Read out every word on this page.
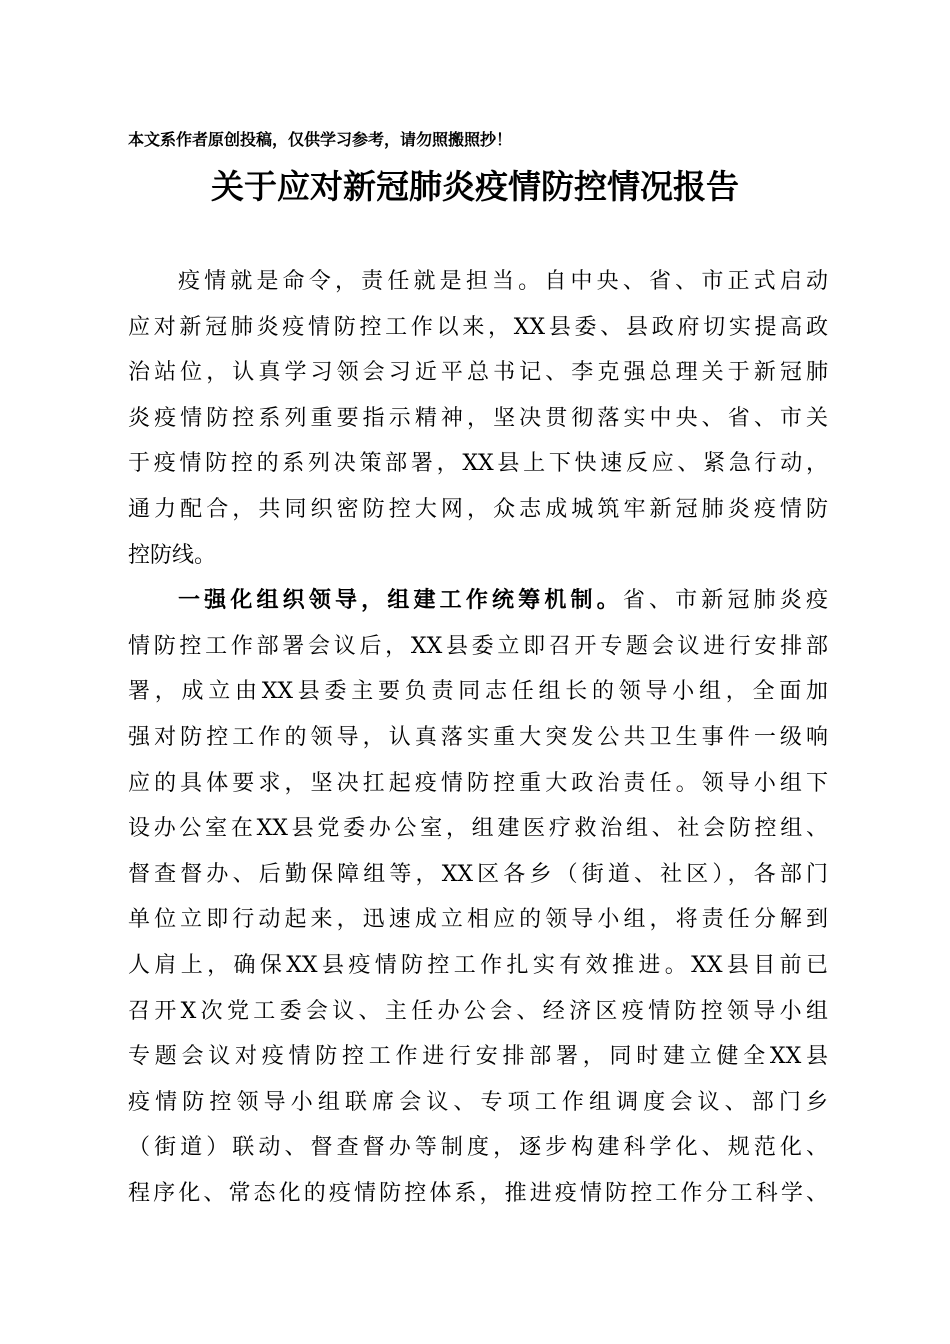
本文系作者原创投稿，仅供学习参考，请勿照搬照抄！
关于应对新冠肺炎疫情防控情况报告
疫情就是命令，责任就是担当。自中央、省、市正式启动
应对新冠肺炎疫情防控工作以来，XX县委、县政府切实提高政
治站位，认真学习领会习近平总书记、李克强总理关于新冠肺
炎疫情防控系列重要指示精神，坚决贯彻落实中央、省、市关
于疫情防控的系列决策部署，XX县上下快速反应、紧急行动，
通力配合，共同织密防控大网，众志成城筑牢新冠肺炎疫情防
控防线。
一强化组织领导，组建工作统筹机制。省、市新冠肺炎疫
情防控工作部署会议后，XX县委立即召开专题会议进行安排部
署，成立由XX县委主要负责同志任组长的领导小组，全面加
强对防控工作的领导，认真落实重大突发公共卫生事件一级响
应的具体要求，坚决扛起疫情防控重大政治责任。领导小组下
设办公室在XX县党委办公室，组建医疗救治组、社会防控组、
督查督办、后勤保障组等，XX区各乡（街道、社区），各部门
单位立即行动起来，迅速成立相应的领导小组，将责任分解到
人肩上，确保XX县疫情防控工作扎实有效推进。XX县目前已
召开X次党工委会议、主任办公会、经济区疫情防控领导小组
专题会议对疫情防控工作进行安排部署，同时建立健全XX县
疫情防控领导小组联席会议、专项工作组调度会议、部门乡
（街道）联动、督查督办等制度，逐步构建科学化、规范化、
程序化、常态化的疫情防控体系，推进疫情防控工作分工科学、
